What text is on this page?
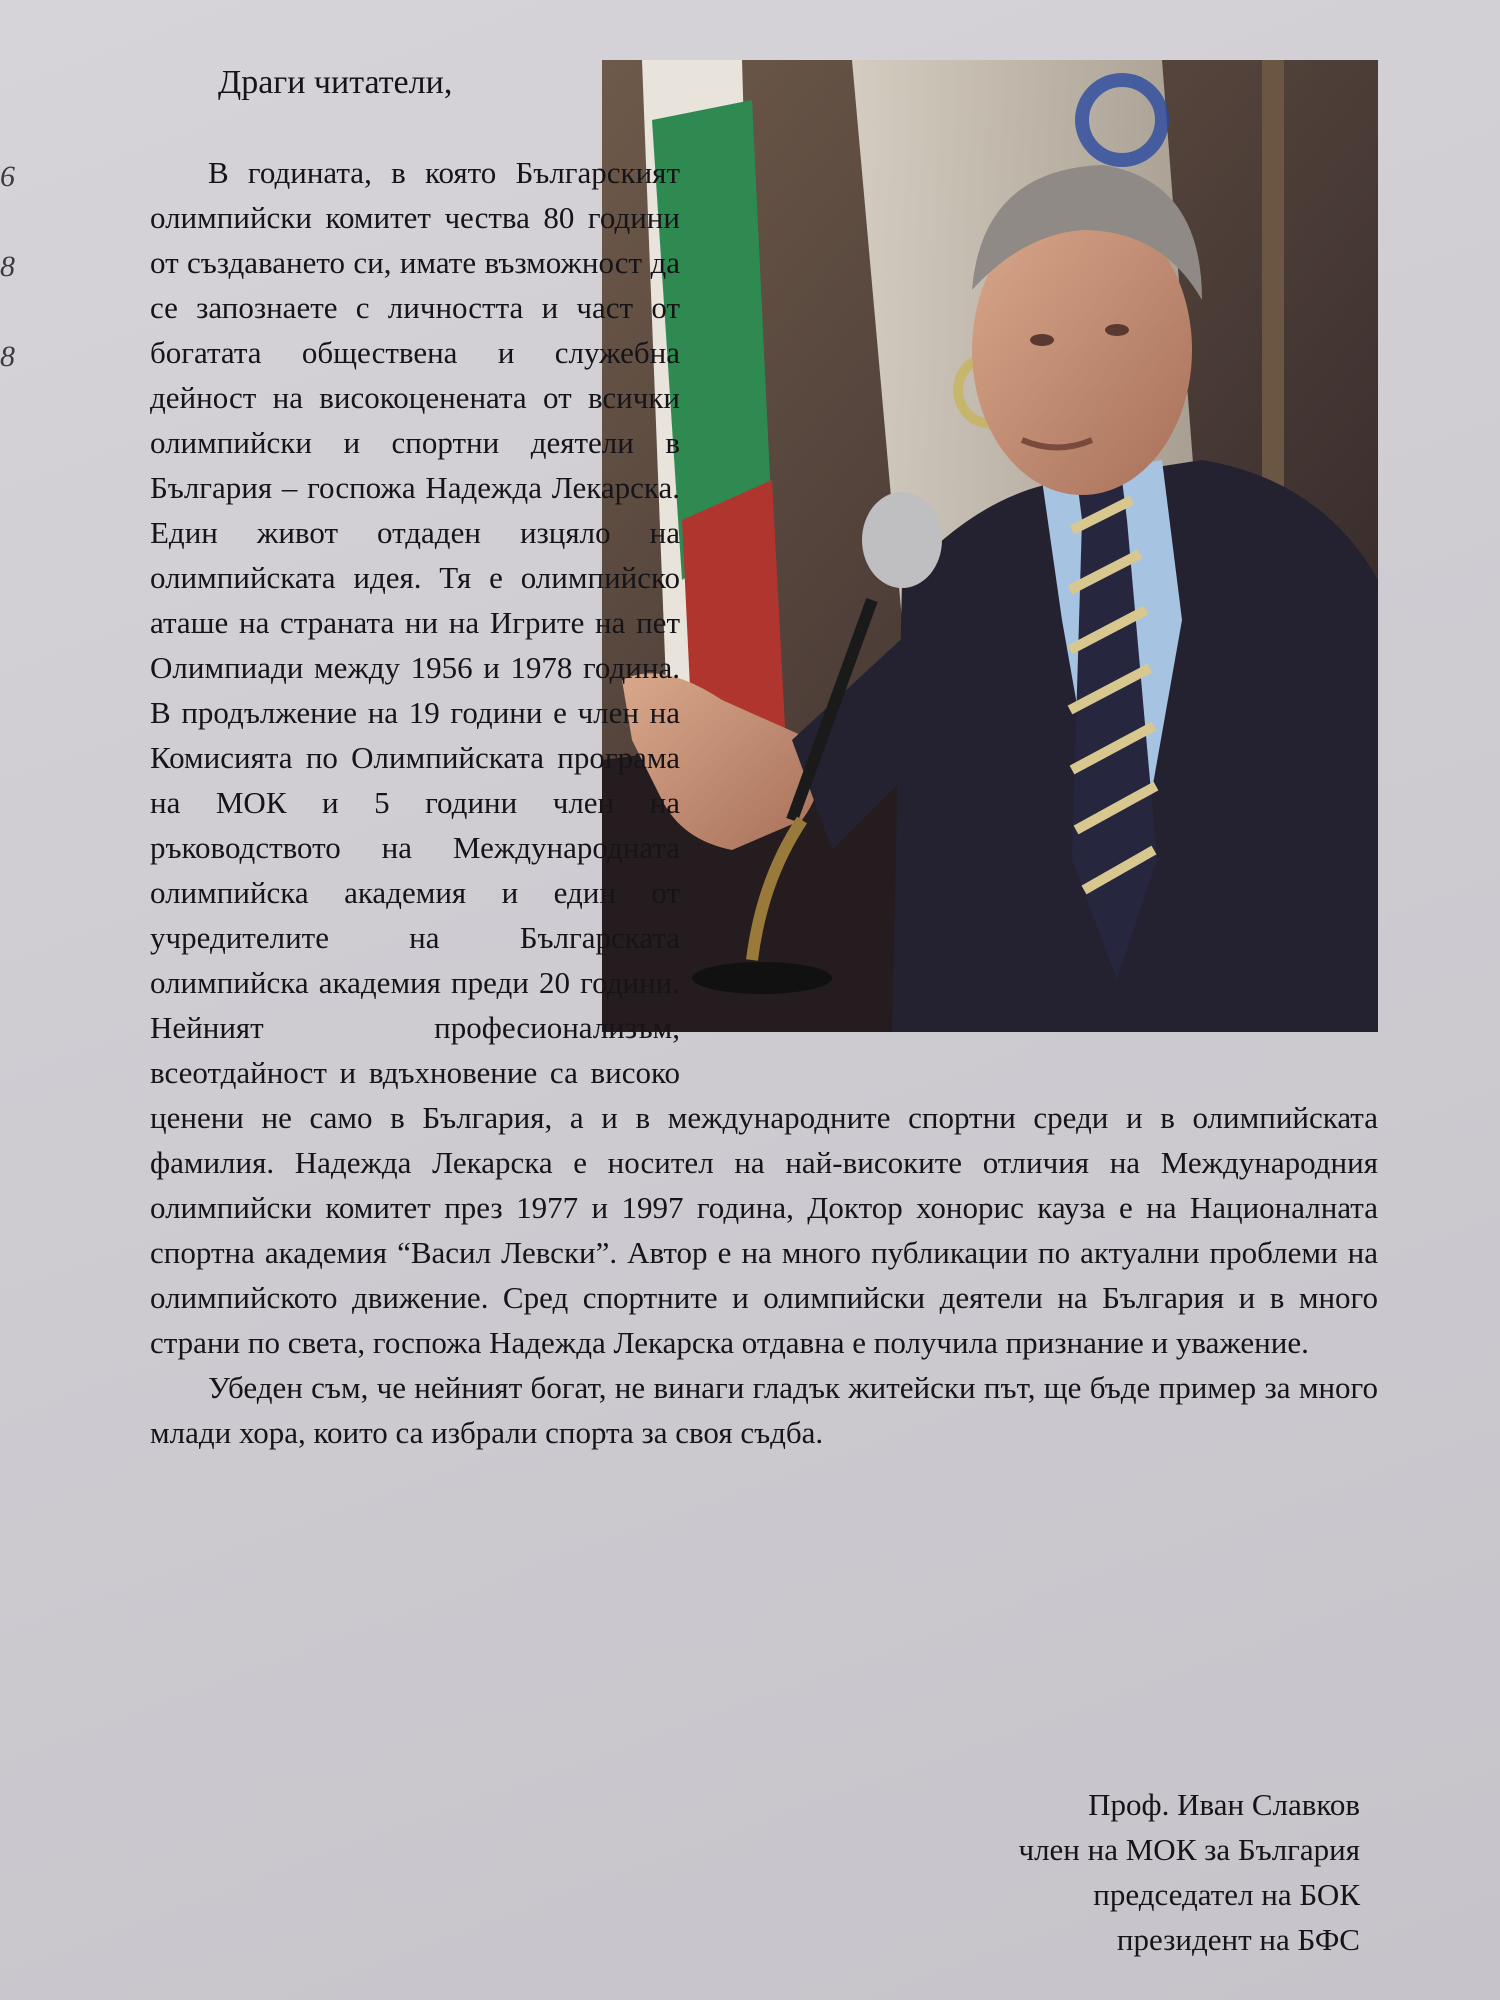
6
8
8

Драги читатели,

В годината, в която Българският олимпийски комитет чества 80 години от създаването си, имате възможност да се запознаете с личността и част от богатата обществена и служебна дейност на високоценената от всички олимпийски и спортни деятели в България – госпожа Надежда Лекарска. Един живот отдаден изцяло на олимпийската идея. Тя е олимпийско аташе на страната ни на Игрите на пет Олимпиади между 1956 и 1978 година. В продължение на 19 години е член на Комисията по Олимпийската програма на МОК и 5 години член на ръководството на Международната олимпийска академия и един от учредителите на Българската олимпийска академия преди 20 години. Нейният професионализъм, всеотдайност и вдъхновение са високо ценени не само в България, а и в международните спортни среди и в олимпийската фамилия. Надежда Лекарска е носител на най-високите отличия на Международния олимпийски комитет през 1977 и 1997 година, Доктор хонорис кауза е на Националната спортна академия “Васил Левски”. Автор е на много публикации по актуални проблеми на олимпийското движение. Сред спортните и олимпийски деятели на България и в много страни по света, госпожа Надежда Лекарска отдавна е получила признание и уважение.

Убеден съм, че нейният богат, не винаги гладък житейски път, ще бъде пример за много млади хора, които са избрали спорта за своя съдба.

Проф. Иван Славков
член на МОК за България
председател на БОК
президент на БФС
